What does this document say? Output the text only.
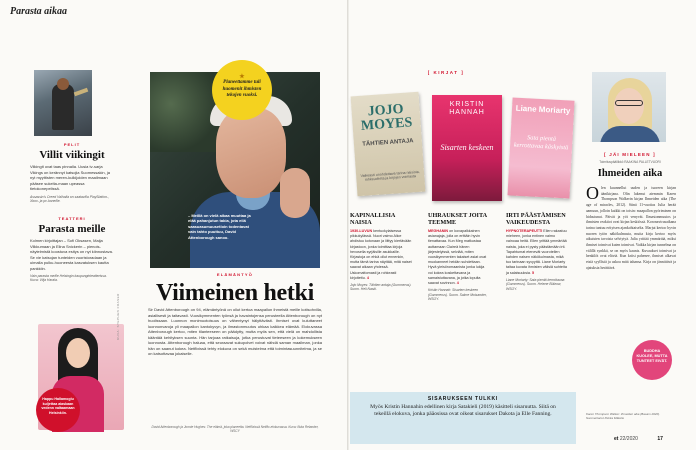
Parasta aikaa
PELIT
Villit viikingit
Viikingit ovat taas pinnalla. Uusia tv-sarja Vikings on kerännyt katsojia Suomessakin, ja nyt myyttisten meren-kulkijoiden maailmaan pääsee sukelta-maan upeassa tietokonepelissä.
Assassin's Creed Valhalla on saatavilla PlayStation-, Xbox- ja pc-koneille.
TEATTERI
Parasta meille
Kolmen kirjoittajan – Sofi Oksasen, Maija Vilkkumaan ja Elina Snickerin – pienois-näytelmistä koostuva esitys on nyt kiinnostava. Se vie katsojan tunteiden vuoristoradaan ja uimalla pulku-huoneesta kasvatuksen kautta pankkiin.
Vain parasta meille Helsingin kaupunginteatterissa. Kuva: Vilja Harala.
Happu Hallamoglu kuljettaa aiaskaan vedenn valtaamaan Helsinkiin.
KUVA: STEPHEN FRASER
– Meillä on vielä aikaa muuttaa ja elää pahanjutun takia, jota eilä saasuasumuusetloin todentavat vain tahto puuttuu, David Attenborough sanoo.
★
Planeettamme tuli huomenit ihmisten tekojen vuoksi.
ELÄMÄNTYÖ
Viimeinen hetki
Sir David Attenborough on 94, elämäntyönä on ollut kertoa maapallon ihmeistä meille kotisohvilla, asiallisesti ja taitavasti. Vuosikymmenten työnsä ja havaintojensa perusteella Attenborough on nyt huolissaan. Luonnon monimuotoisuus on vähentynyt hälyttävästi. Ihmiset ovat kuluttaneet luonnonvaroja yli maapallon kantokyvyn, ja ilmastonmuutos uhkaa kaikkea elämää. Elokuvassa Attenborough kertoo, miten tilanteeseen on päädytty, mutta myös sen, että vielä on mahdollista kääntää kehityksen suunta. Hän tarjoaa ratkaisuja, jotka perustuvat tieteeseen ja kokemukseen luonnosta. Attenborough haluaa, että seuraavat sukupolvet voivat nähdä saman maailman, jonka hän on saanut kokea. Netflixissä tehty elokuva on sekä muistelma että toimintasuunnitelma, ja se on katsottavaa jokaiselle.
David Attenborough ja Jonnie Hughes: The elämä, joka planeetta. Netflixissä Netflix-elokuvassa. Kuva: Ilkka Relander, WSCY
[ KIRJAT ]
JOJO MOYES
TÄHTIEN ANTAJA
Vaikeasti unohdettava tarina naisista, rohkeudesta ja kirjojen voimasta
KRISTIN HANNAH
Sisarten keskeen
Liane Moriarty
Sata pientä kerrottavaa käskyistä
KAPINALLISIA NAISIA
1930-LUVUN kentuckylaisessa pikkukylässä. Nuori vaimo Alice ahdistuu kotonaan ja liittyy kiertävään kirjastoon, jonka toimittaa kirjoja hevosella syrjäisille asukkaille. Kirjastoja on ehkä ollut ennenkin, mutta tämä tarina näyttää, mitä naiset saavat aikaan yhdessä. Uskomattomasti ja rohkeasti kirjoitettu. 4
Jojo Moyes: Tähtien antaja (Gummerus). Suom. Heli Naski.
UHRAUKSET JOITA TEEMME
MEGHANIN on kovapalkkainen asianajaja, jolla on erittäin hyvin tienattavaa. Kun Meg matkustaa auttamaan Claireä hänen järjestelyissä, selviää, miten vuosikymmenten takaiset asiat ovat muokanneet heidän suhdettaan. Hyvä yleisöromaanista jonka lukija voi kokea koskettavana ja samaistuttavana, ja jotka lopulta saavat sovinnon. 4
Kristin Hannah: Sisarten keskeen (Gummerus). Suom. Salme Moisander, WSOY.
IRTI PÄÄSTÄMISEN VAIKEUDESTA
HYPNOTERAPEUTTI Ellen rakastuu mieheen, jonka entinen vaimo vainoaa heitä. Ellen yrittää ymmärtää naista, joka ei pysty päästämään irti. Tapahtumat etenevät vuorotellen kahden naisen näkökulmasta, mikä tuo tarinaan syvyyttä. Liane Moriarty taitaa kuvata ihmisten välisiä suhteita ja salaisuuksia. 5
Liane Moriarty: Sata pientä kerrottavaa (Gummerus). Suom. Helene Bützow, WSOY.
SISARUKSEEN TULKKI
Myös Kristin Hannahin edellinen kirja Satakieli (2019) käsitteli sisaruutta. Siitä on tekeillä elokuva, jonka pääosissa ovat oikeat sisarukset Dakota ja Elle Fanning.
[ JÄI MIELEEN ]
Toimituspäällikkö RAAKINA PALLETVUORI
Ihmeiden aika
O len kuunnellut uuden ja tuoreen kirjan äänikirjana. Olin lukenut aiemmin Karen Thompson Walkerin kirjan Ihmeiden aika (The age of miracles, 2012). Siinä 11-vuotias Julia herää aamuun, jolloin kaikki on toisin: maapallon pyöriminen on hidastunut. Päivät ja yöt venyvät. Ilmastonmuutos ja ihmisten reaktiot ovat kirjan keskiössä. Koronavirusaikana tarina tuntuu erityisen ajankohtaiselta. Marjut kertoo hyvin nuoren tytön näkökulmasta, mutta kirja kertoo myös aikuisten tavoista selviytyä. Julia yrittää ymmärtää, miksi ihmiset toimivat kuten toimivat. Vaikka kirjan tunnelma on välillä synkkä, se on myös kaunis. Kuvaukset toimivat ja henkilöt ovat eläviä. Kun kriisi pahenee, ihmiset alkavat etsiä syyllisiä ja uskoa mitä tahansa. Kirja on jännittävä ja ajatuksia herättävä.
BUDDHA KUOLEE, MUTTA TUNTEET EIVÄT.
Karen Thompson Walker: Ihmeiden aika (Basam 2020). Suomentanut Pekka Mäkelä.
et 22/2020	17
